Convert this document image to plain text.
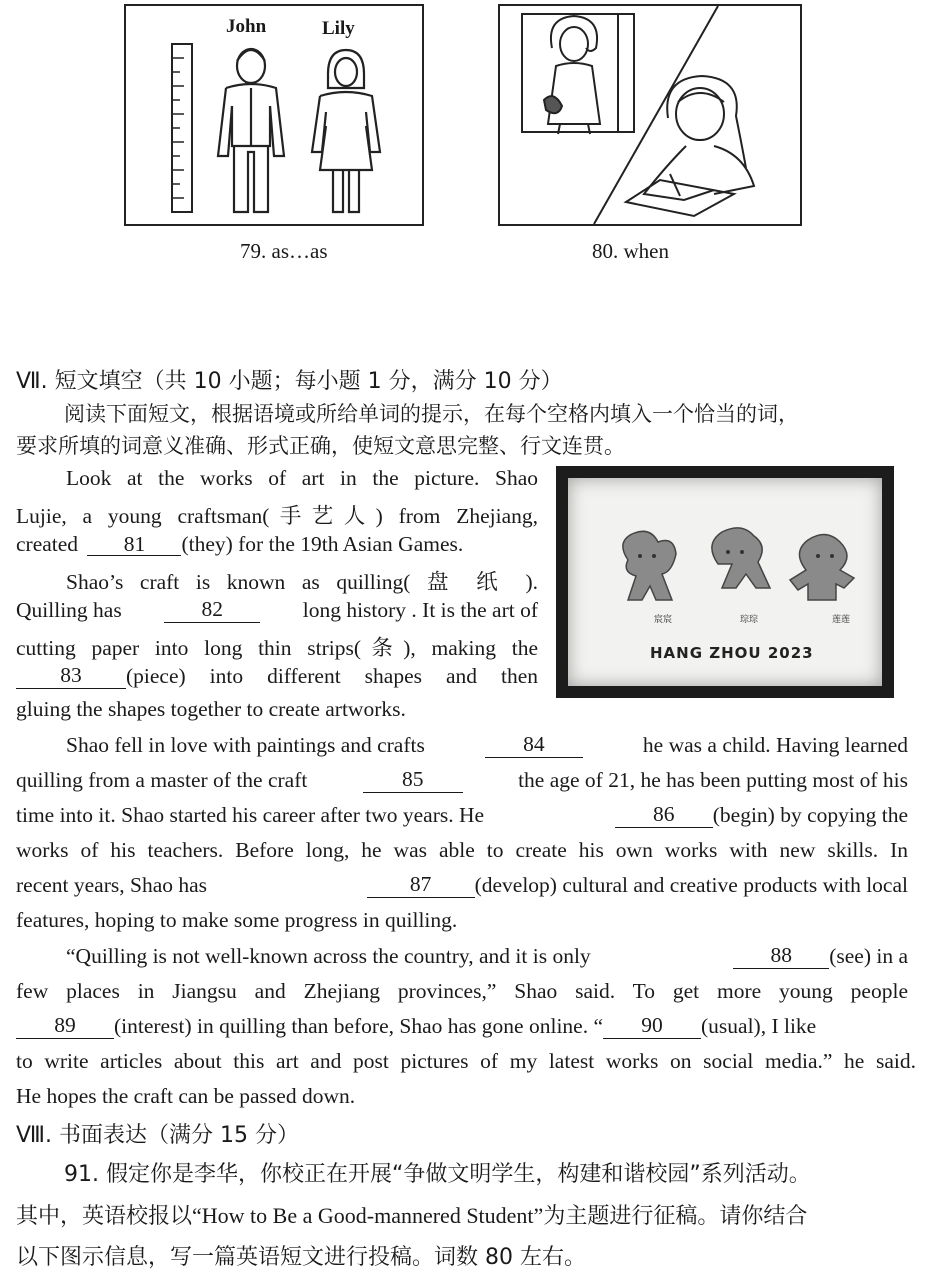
John	Lily
79. as…as	80. when
Ⅶ. 短文填空（共 10 小题；每小题 1 分，满分 10 分）
阅读下面短文，根据语境或所给单词的提示，在每个空格内填入一个恰当的词，
要求所填的词意义准确、形式正确，使短文意思完整、行文连贯。
宸宸	琮琮	莲莲
HANG ZHOU 2023
Look at the works of art in the picture. Shao
Lujie, a young craftsman(手艺人) from Zhejiang,
created 81 (they) for the 19th Asian Games.
Shao’s craft is known as quilling( 盘 纸 ).
Quilling has	82	long history . It is the art of
cutting paper into long thin strips(条), making the
83	(piece) into different shapes and then
gluing the shapes together to create artworks.
Shao fell in love with paintings and crafts	84	he was a child. Having learned
quilling from a master of the craft	85	the age of 21, he has been putting most of his
time into it. Shao started his career after two years. He	86	(begin) by copying the
works of his teachers. Before long, he was able to create his own works with new skills. In
recent years, Shao has	87	(develop) cultural and creative products with local
features, hoping to make some progress in quilling.
“Quilling is not well-known across the country, and it is only	88	(see) in a
few places in Jiangsu and Zhejiang provinces,” Shao said. To get more young people
89	(interest) in quilling than before, Shao has gone online. “	90	(usual), I like
to write articles about this art and post pictures of my latest works on social media.” he said.
He hopes the craft can be passed down.
Ⅷ. 书面表达（满分 15 分）
91. 假定你是李华，你校正在开展“争做文明学生，构建和谐校园”系列活动。
其中，英语校报以“How to Be a Good-mannered Student”为主题进行征稿。请你结合
以下图示信息，写一篇英语短文进行投稿。词数 80 左右。
